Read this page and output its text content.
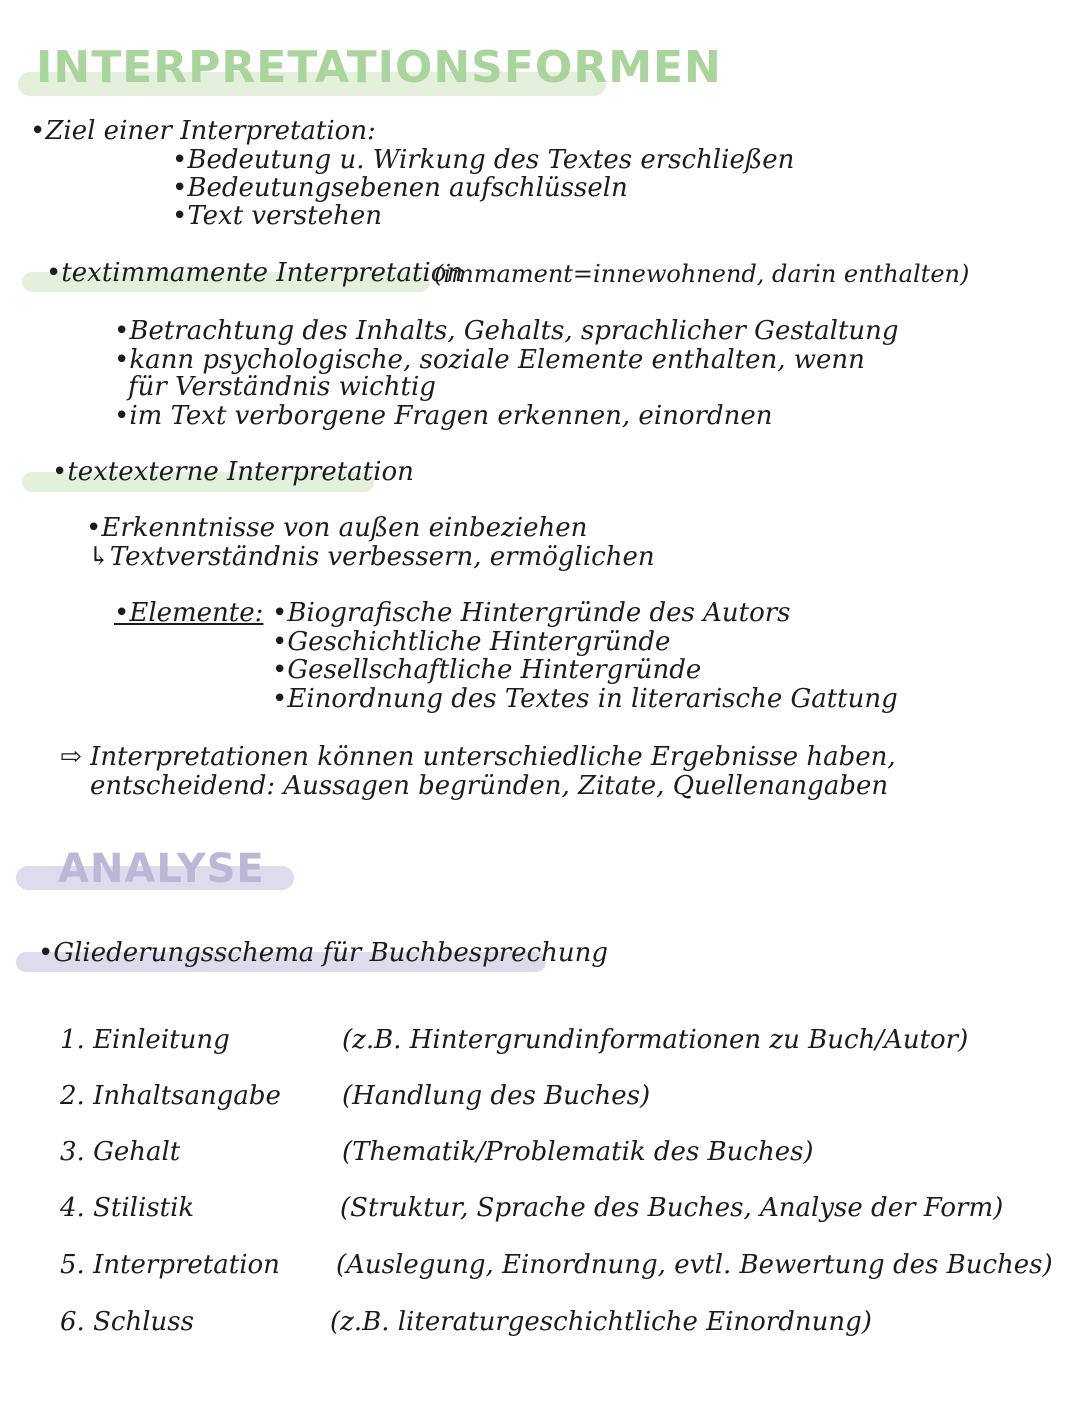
INTERPRETATIONSFORMEN
•Ziel einer Interpretation:
•Bedeutung u. Wirkung des Textes erschließen
•Bedeutungsebenen aufschlüsseln
•Text verstehen
•textimmamente Interpretation
(immament=innewohnend, darin enthalten)
•Betrachtung des Inhalts, Gehalts, sprachlicher Gestaltung
•kann psychologische, soziale Elemente enthalten, wenn
für Verständnis wichtig
•im Text verborgene Fragen erkennen, einordnen
•textexterne Interpretation
•Erkenntnisse von außen einbeziehen
↳Textverständnis verbessern, ermöglichen
•Elemente: •Biografische Hintergründe des Autors
•Geschichtliche Hintergründe
•Gesellschaftliche Hintergründe
•Einordnung des Textes in literarische Gattung
⇨ Interpretationen können unterschiedliche Ergebnisse haben,
entscheidend: Aussagen begründen, Zitate, Quellenangaben
ANALYSE
•Gliederungsschema für Buchbesprechung
1. Einleitung	(z.B. Hintergrundinformationen zu Buch/Autor)
2. Inhaltsangabe (Handlung des Buches)
3. Gehalt	(Thematik/Problematik des Buches)
4. Stilistik	(Struktur, Sprache des Buches, Analyse der Form)
5. Interpretation (Auslegung, Einordnung, evtl. Bewertung des Buches)
6. Schluss	(z.B. literaturgeschichtliche Einordnung)
